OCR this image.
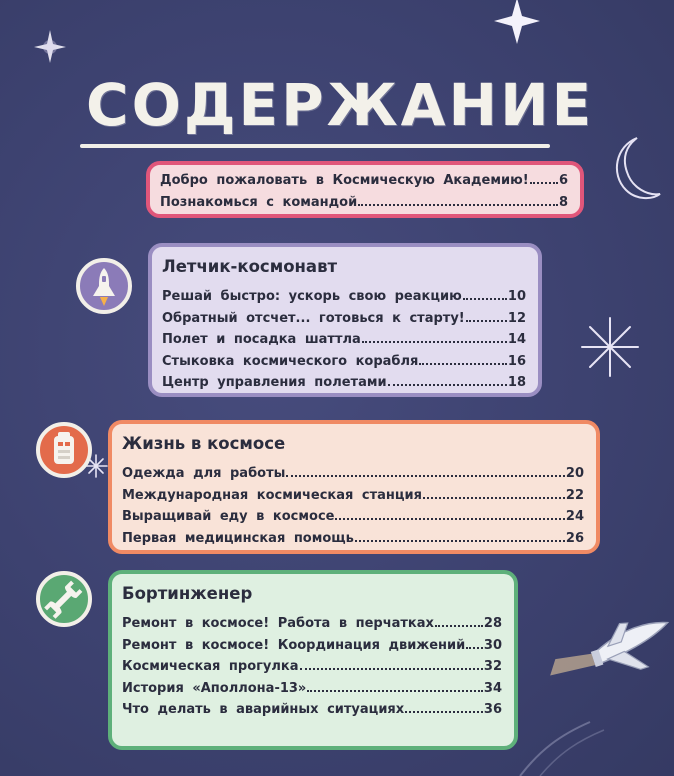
СОДЕРЖАНИЕ
Добро пожаловать в Космическую Академию! 6
Познакомься с командой	8
Летчик-космонавт
Решай быстро: ускорь свою реакцию	10
Обратный отсчет... готовься к старту!	12
Полет и посадка шаттла	14
Стыковка космического корабля	16
Центр управления полетами	18
Жизнь в космосе
Одежда для работы	20
Международная космическая станция	22
Выращивай еду в космосе	24
Первая медицинская помощь	26
Бортинженер
Ремонт в космосе! Работа в перчатках	28
Ремонт в космосе! Координация движений 30
Космическая прогулка	32
История «Аполлона-13»	34
Что делать в аварийных ситуациях	36
